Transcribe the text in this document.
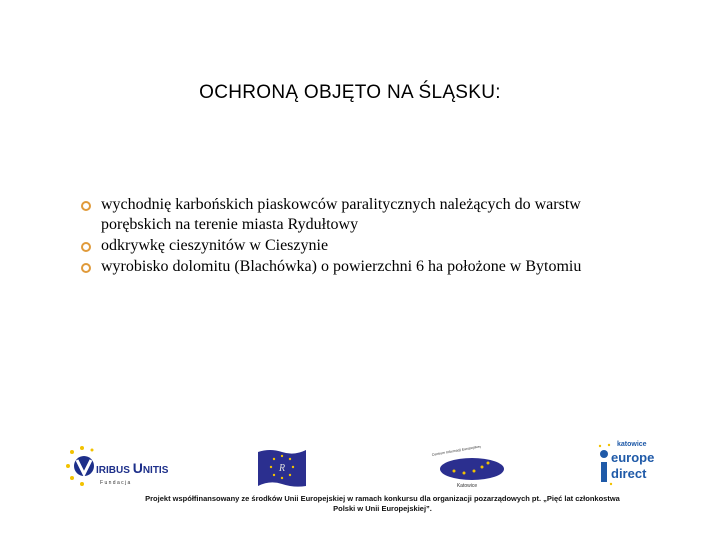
OCHRONĄ OBJĘTO NA ŚLĄSKU:
wychodnię karbońskich piaskowców paralitycznych należących do warstw
porębskich na terenie miasta Rydułtowy
odkrywkę cieszynitów w Cieszynie
wyrobisko dolomitu (Blachówka) o powierzchni 6 ha położone w Bytomiu
IRIBUS UNITIS
F u n d a c j a
R
Centrum Informacji Europejskiej
Katowice
katowice
europe
direct
Projekt współfinansowany ze środków Unii Europejskiej w ramach konkursu dla organizacji pozarządowych pt. „Pięć lat członkostwa
Polski w Unii Europejskiej”.
